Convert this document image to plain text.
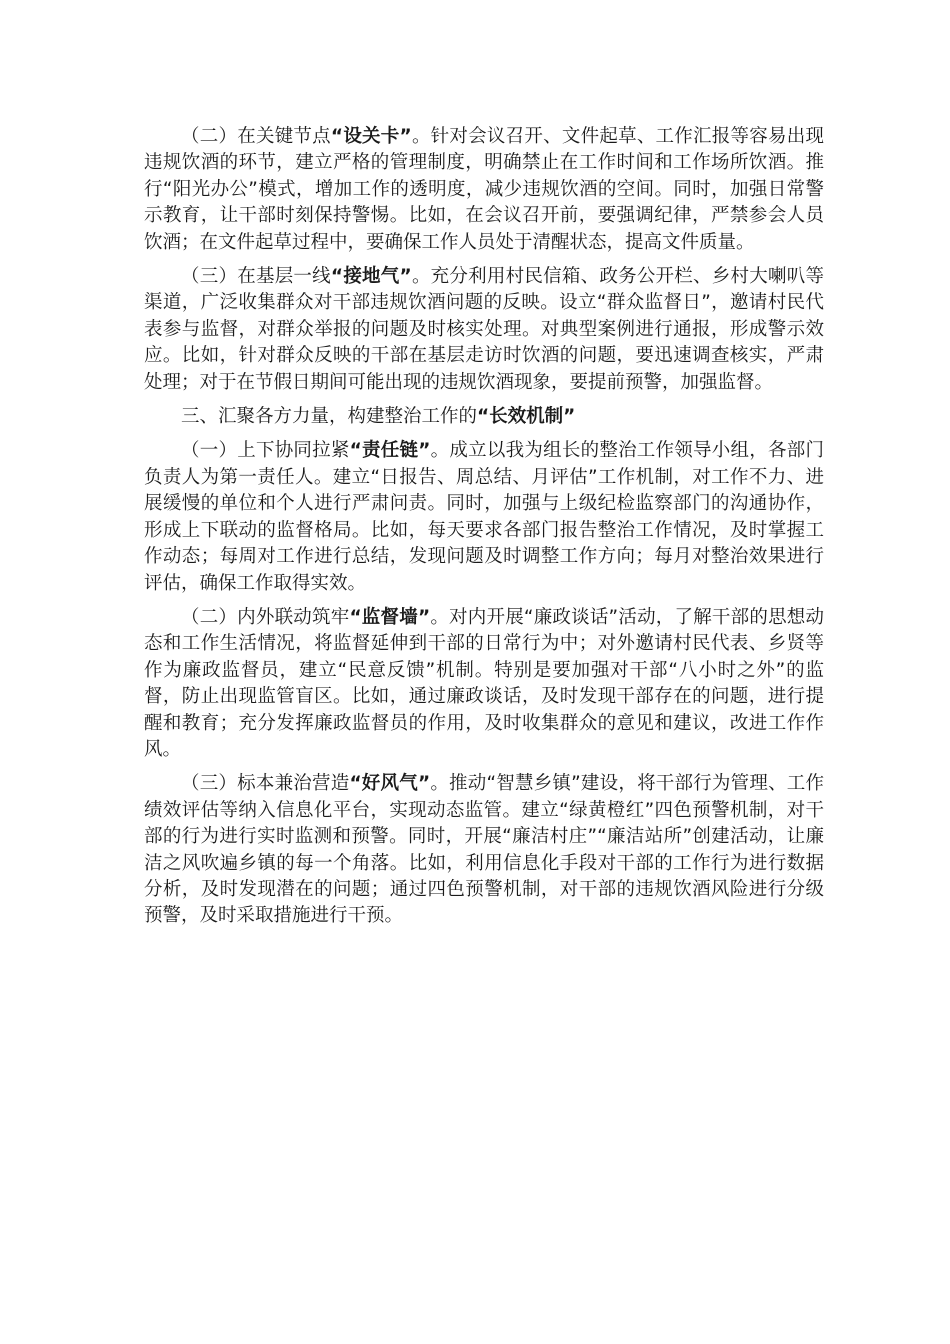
（二）在关键节点“设关卡”。针对会议召开、文件起草、工作汇报等容易出现违规饮酒的环节，建立严格的管理制度，明确禁止在工作时间和工作场所饮酒。推行“阳光办公”模式，增加工作的透明度，减少违规饮酒的空间。同时，加强日常警示教育，让干部时刻保持警惕。比如，在会议召开前，要强调纪律，严禁参会人员饮酒；在文件起草过程中，要确保工作人员处于清醒状态，提高文件质量。

（三）在基层一线“接地气”。充分利用村民信箱、政务公开栏、乡村大喇叭等渠道，广泛收集群众对干部违规饮酒问题的反映。设立“群众监督日”，邀请村民代表参与监督，对群众举报的问题及时核实处理。对典型案例进行通报，形成警示效应。比如，针对群众反映的干部在基层走访时饮酒的问题，要迅速调查核实，严肃处理；对于在节假日期间可能出现的违规饮酒现象，要提前预警，加强监督。

三、汇聚各方力量，构建整治工作的“长效机制”

（一）上下协同拉紧“责任链”。成立以我为组长的整治工作领导小组，各部门负责人为第一责任人。建立“日报告、周总结、月评估”工作机制，对工作不力、进展缓慢的单位和个人进行严肃问责。同时，加强与上级纪检监察部门的沟通协作，形成上下联动的监督格局。比如，每天要求各部门报告整治工作情况，及时掌握工作动态；每周对工作进行总结，发现问题及时调整工作方向；每月对整治效果进行评估，确保工作取得实效。

（二）内外联动筑牢“监督墙”。对内开展“廉政谈话”活动，了解干部的思想动态和工作生活情况，将监督延伸到干部的日常行为中；对外邀请村民代表、乡贤等作为廉政监督员，建立“民意反馈”机制。特别是要加强对干部“八小时之外”的监督，防止出现监管盲区。比如，通过廉政谈话，及时发现干部存在的问题，进行提醒和教育；充分发挥廉政监督员的作用，及时收集群众的意见和建议，改进工作作风。

（三）标本兼治营造“好风气”。推动“智慧乡镇”建设，将干部行为管理、工作绩效评估等纳入信息化平台，实现动态监管。建立“绿黄橙红”四色预警机制，对干部的行为进行实时监测和预警。同时，开展“廉洁村庄”“廉洁站所”创建活动，让廉洁之风吹遍乡镇的每一个角落。比如，利用信息化手段对干部的工作行为进行数据分析，及时发现潜在的问题；通过四色预警机制，对干部的违规饮酒风险进行分级预警，及时采取措施进行干预。
